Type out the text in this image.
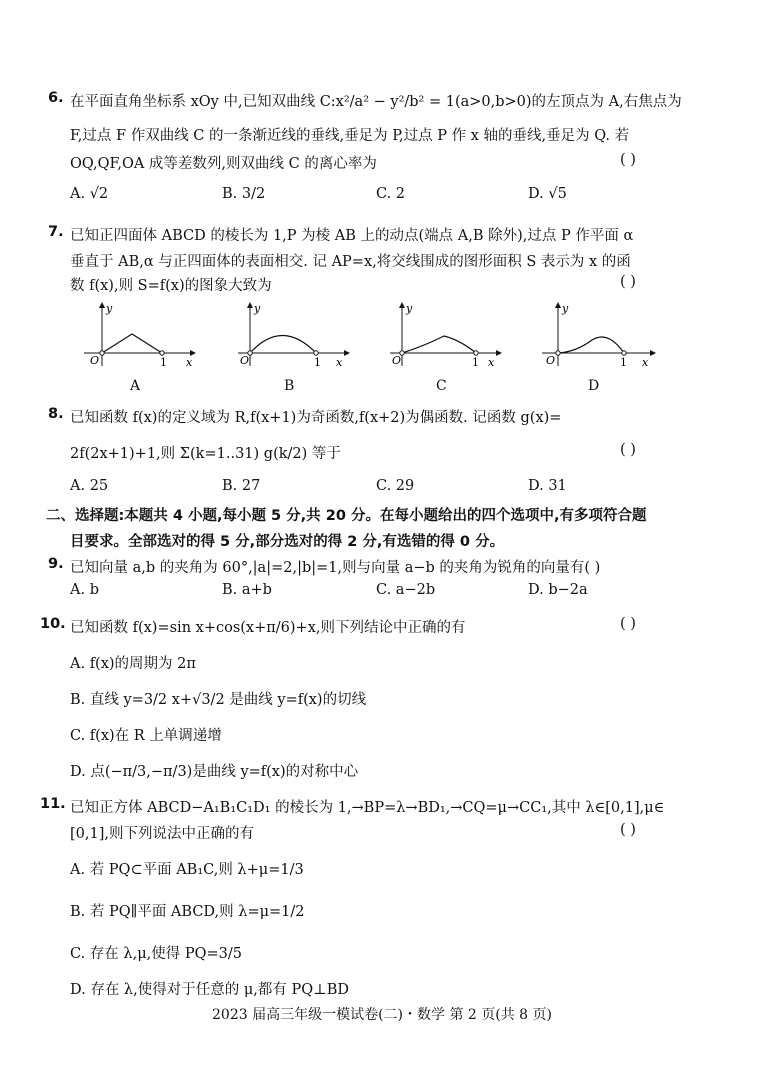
6. 在平面直角坐标系 xOy 中,已知双曲线 C:x²/a² − y²/b² = 1(a>0,b>0)的左顶点为 A,右焦点为
F,过点 F 作双曲线 C 的一条渐近线的垂线,垂足为 P,过点 P 作 x 轴的垂线,垂足为 Q. 若
OQ,QF,OA 成等差数列,则双曲线 C 的离心率为	( )
A. √2	B. 3/2	C. 2	D. √5
7. 已知正四面体 ABCD 的棱长为 1,P 为棱 AB 上的动点(端点 A,B 除外),过点 P 作平面 α
垂直于 AB,α 与正四面体的表面相交. 记 AP=x,将交线围成的图形面积 S 表示为 x 的函
数 f(x),则 S=f(x)的图象大致为	( )
y
x
O	1
y
x
O	1
y
x
O	1
y
x
O	1
A	B	C	D
8. 已知函数 f(x)的定义域为 R,f(x+1)为奇函数,f(x+2)为偶函数. 记函数 g(x)=
2f(2x+1)+1,则 Σ(k=1..31) g(k/2) 等于	( )
A. 25	B. 27	C. 29	D. 31
二、选择题:本题共 4 小题,每小题 5 分,共 20 分。在每小题给出的四个选项中,有多项符合题
目要求。全部选对的得 5 分,部分选对的得 2 分,有选错的得 0 分。
9. 已知向量 a,b 的夹角为 60°,|a|=2,|b|=1,则与向量 a−b 的夹角为锐角的向量有( )
A. b	B. a+b	C. a−2b	D. b−2a
10. 已知函数 f(x)=sin x+cos(x+π/6)+x,则下列结论中正确的有	( )
A. f(x)的周期为 2π
B. 直线 y=3/2 x+√3/2 是曲线 y=f(x)的切线
C. f(x)在 R 上单调递增
D. 点(−π/3,−π/3)是曲线 y=f(x)的对称中心
11. 已知正方体 ABCD−A₁B₁C₁D₁ 的棱长为 1,→BP=λ→BD₁,→CQ=μ→CC₁,其中 λ∈[0,1],μ∈
[0,1],则下列说法中正确的有	( )
A. 若 PQ⊂平面 AB₁C,则 λ+μ=1/3
B. 若 PQ∥平面 ABCD,则 λ=μ=1/2
C. 存在 λ,μ,使得 PQ=3/5
D. 存在 λ,使得对于任意的 μ,都有 PQ⊥BD
2023 届高三年级一模试卷(二)・数学 第 2 页(共 8 页)
